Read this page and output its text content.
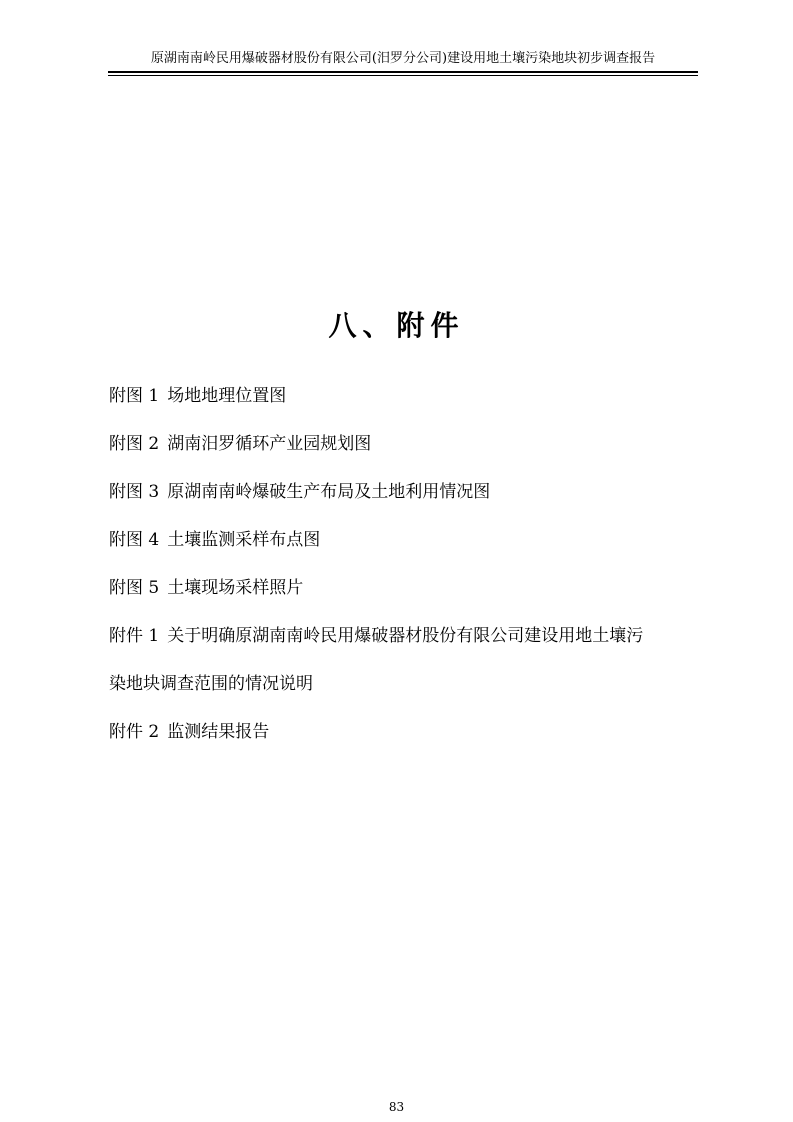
原湖南南岭民用爆破器材股份有限公司(汨罗分公司)建设用地土壤污染地块初步调查报告
八、附件
附图 1 场地地理位置图
附图 2 湖南汨罗循环产业园规划图
附图 3 原湖南南岭爆破生产布局及土地利用情况图
附图 4 土壤监测采样布点图
附图 5 土壤现场采样照片
附件 1 关于明确原湖南南岭民用爆破器材股份有限公司建设用地土壤污
染地块调查范围的情况说明
附件 2 监测结果报告
83
